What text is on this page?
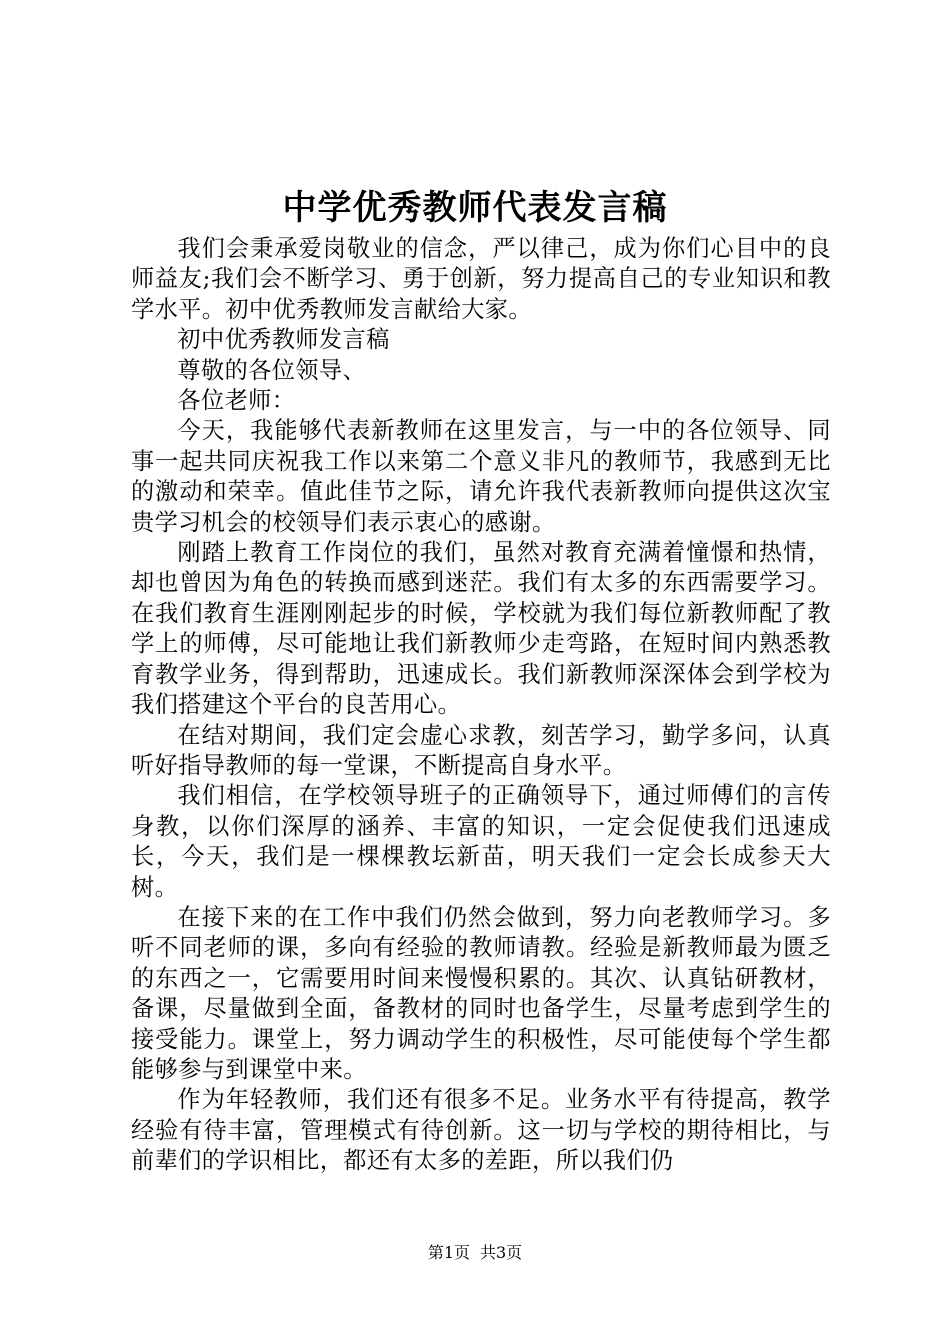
中学优秀教师代表发言稿

我们会秉承爱岗敬业的信念，严以律己，成为你们心目中的良师益友;我们会不断学习、勇于创新，努力提高自己的专业知识和教学水平。初中优秀教师发言献给大家。

初中优秀教师发言稿

尊敬的各位领导、

各位老师：

今天，我能够代表新教师在这里发言，与一中的各位领导、同事一起共同庆祝我工作以来第二个意义非凡的教师节，我感到无比的激动和荣幸。值此佳节之际，请允许我代表新教师向提供这次宝贵学习机会的校领导们表示衷心的感谢。

刚踏上教育工作岗位的我们，虽然对教育充满着憧憬和热情，却也曾因为角色的转换而感到迷茫。我们有太多的东西需要学习。在我们教育生涯刚刚起步的时候，学校就为我们每位新教师配了教学上的师傅，尽可能地让我们新教师少走弯路，在短时间内熟悉教育教学业务，得到帮助，迅速成长。我们新教师深深体会到学校为我们搭建这个平台的良苦用心。

在结对期间，我们定会虚心求教，刻苦学习，勤学多问，认真听好指导教师的每一堂课，不断提高自身水平。

我们相信，在学校领导班子的正确领导下，通过师傅们的言传身教，以你们深厚的涵养、丰富的知识，一定会促使我们迅速成长，今天，我们是一棵棵教坛新苗，明天我们一定会长成参天大树。

在接下来的在工作中我们仍然会做到，努力向老教师学习。多听不同老师的课，多向有经验的教师请教。经验是新教师最为匮乏的东西之一，它需要用时间来慢慢积累的。其次、认真钻研教材，备课，尽量做到全面，备教材的同时也备学生，尽量考虑到学生的接受能力。课堂上，努力调动学生的积极性，尽可能使每个学生都能够参与到课堂中来。

作为年轻教师，我们还有很多不足。业务水平有待提高，教学经验有待丰富，管理模式有待创新。这一切与学校的期待相比，与前辈们的学识相比，都还有太多的差距，所以我们仍

第1页 共3页
